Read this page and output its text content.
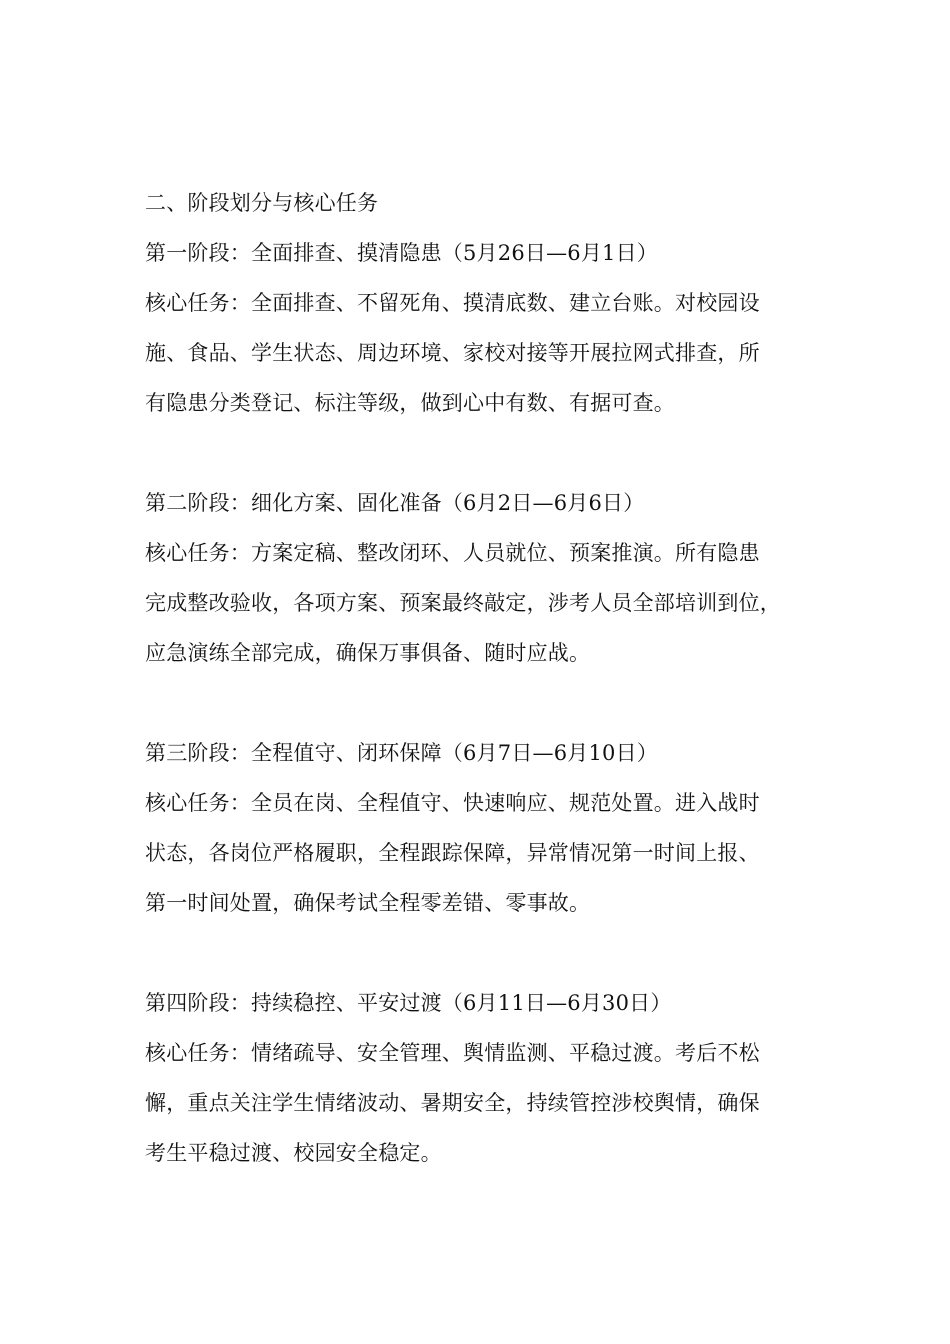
二、阶段划分与核心任务
第一阶段：全面排查、摸清隐患（5月26日—6月1日）
核心任务：全面排查、不留死角、摸清底数、建立台账。对校园设
施、食品、学生状态、周边环境、家校对接等开展拉网式排查，所
有隐患分类登记、标注等级，做到心中有数、有据可查。
第二阶段：细化方案、固化准备（6月2日—6月6日）
核心任务：方案定稿、整改闭环、人员就位、预案推演。所有隐患
完成整改验收，各项方案、预案最终敲定，涉考人员全部培训到位，
应急演练全部完成，确保万事俱备、随时应战。
第三阶段：全程值守、闭环保障（6月7日—6月10日）
核心任务：全员在岗、全程值守、快速响应、规范处置。进入战时
状态，各岗位严格履职，全程跟踪保障，异常情况第一时间上报、
第一时间处置，确保考试全程零差错、零事故。
第四阶段：持续稳控、平安过渡（6月11日—6月30日）
核心任务：情绪疏导、安全管理、舆情监测、平稳过渡。考后不松
懈，重点关注学生情绪波动、暑期安全，持续管控涉校舆情，确保
考生平稳过渡、校园安全稳定。
